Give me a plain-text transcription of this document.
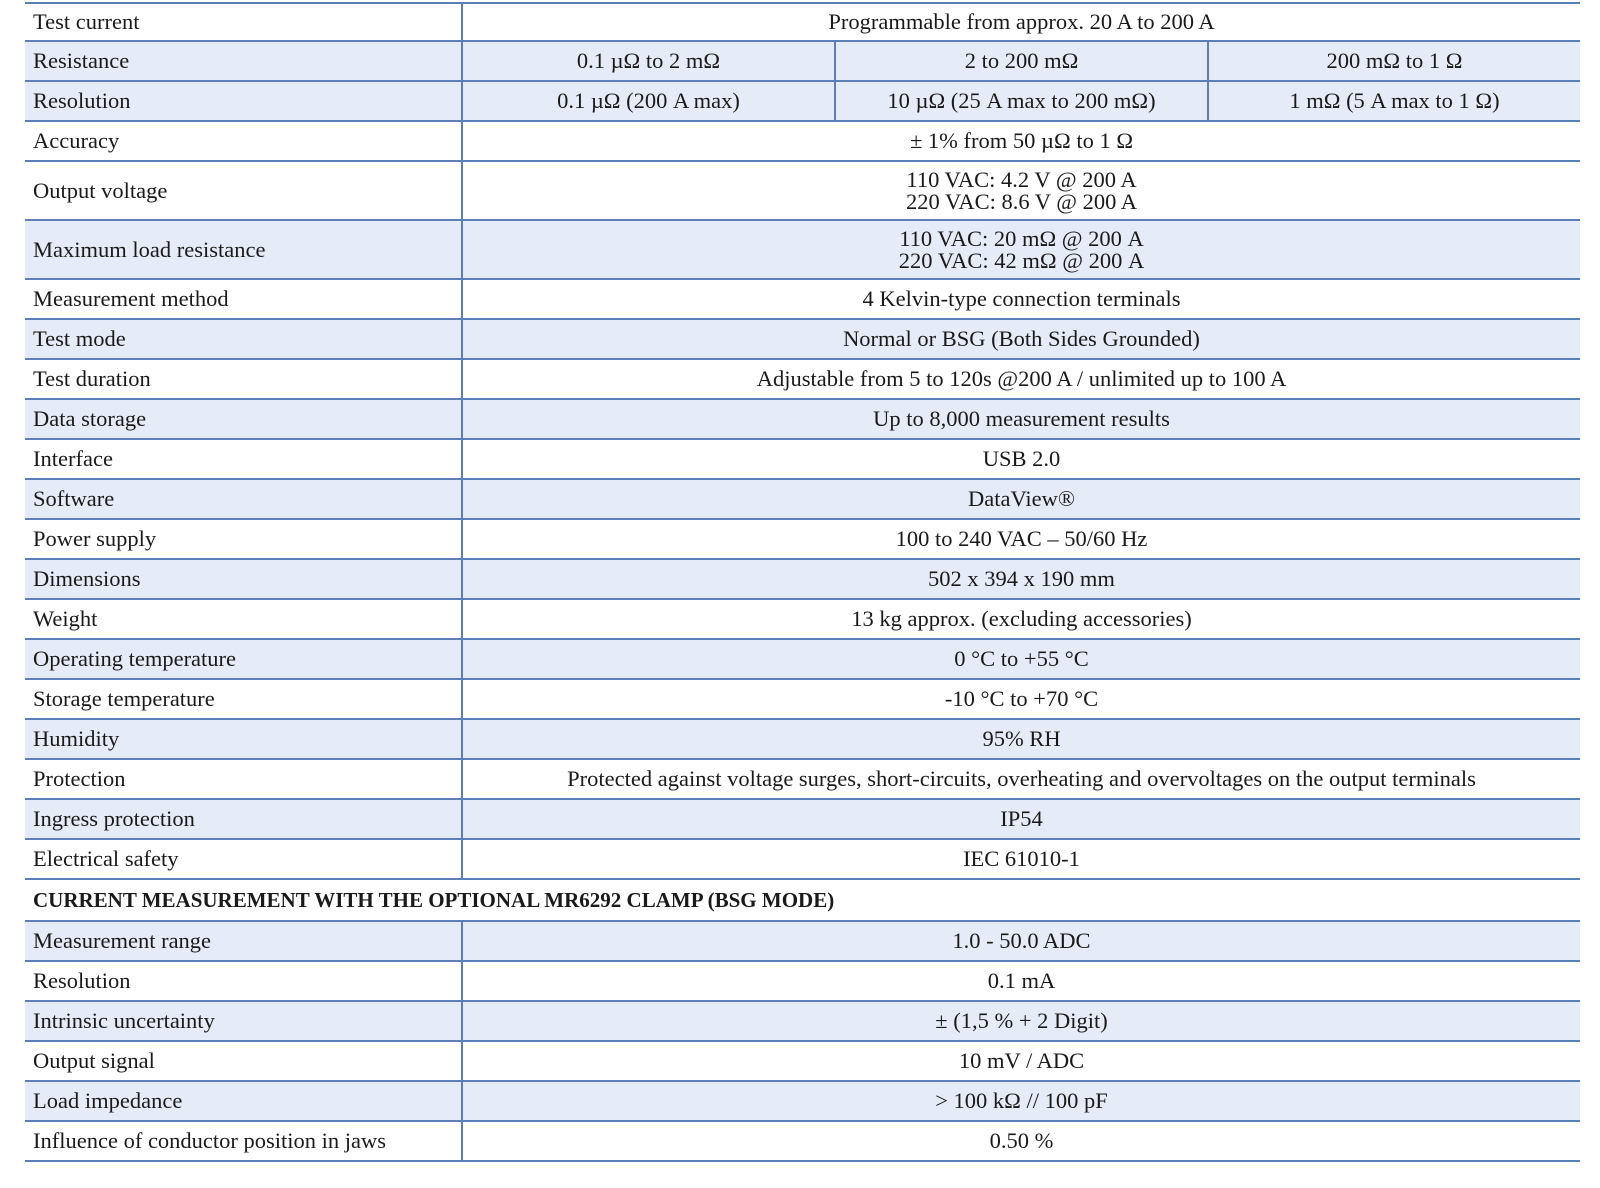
Test current	Programmable from approx. 20 A to 200 A
Resistance	0.1 µΩ to 2 mΩ	2 to 200 mΩ	200 mΩ to 1 Ω
Resolution	0.1 µΩ (200 A max)	10 µΩ (25 A max to 200 mΩ)	1 mΩ (5 A max to 1 Ω)
Accuracy	± 1% from 50 µΩ to 1 Ω
Output voltage	110 VAC: 4.2 V @ 200 A
220 VAC: 8.6 V @ 200 A
Maximum load resistance	110 VAC: 20 mΩ @ 200 A
220 VAC: 42 mΩ @ 200 A
Measurement method	4 Kelvin-type connection terminals
Test mode	Normal or BSG (Both Sides Grounded)
Test duration	Adjustable from 5 to 120s @200 A / unlimited up to 100 A
Data storage	Up to 8,000 measurement results
Interface	USB 2.0
Software	DataView®
Power supply	100 to 240 VAC – 50/60 Hz
Dimensions	502 x 394 x 190 mm
Weight	13 kg approx. (excluding accessories)
Operating temperature	0 °C to +55 °C
Storage temperature	-10 °C to +70 °C
Humidity	95% RH
Protection	Protected against voltage surges, short-circuits, overheating and overvoltages on the output terminals
Ingress protection	IP54
Electrical safety	IEC 61010-1
CURRENT MEASUREMENT WITH THE OPTIONAL MR6292 CLAMP (BSG MODE)
Measurement range	1.0 - 50.0 ADC
Resolution	0.1 mA
Intrinsic uncertainty	± (1,5 % + 2 Digit)
Output signal	10 mV / ADC
Load impedance	> 100 kΩ // 100 pF
Influence of conductor position in jaws	0.50 %
